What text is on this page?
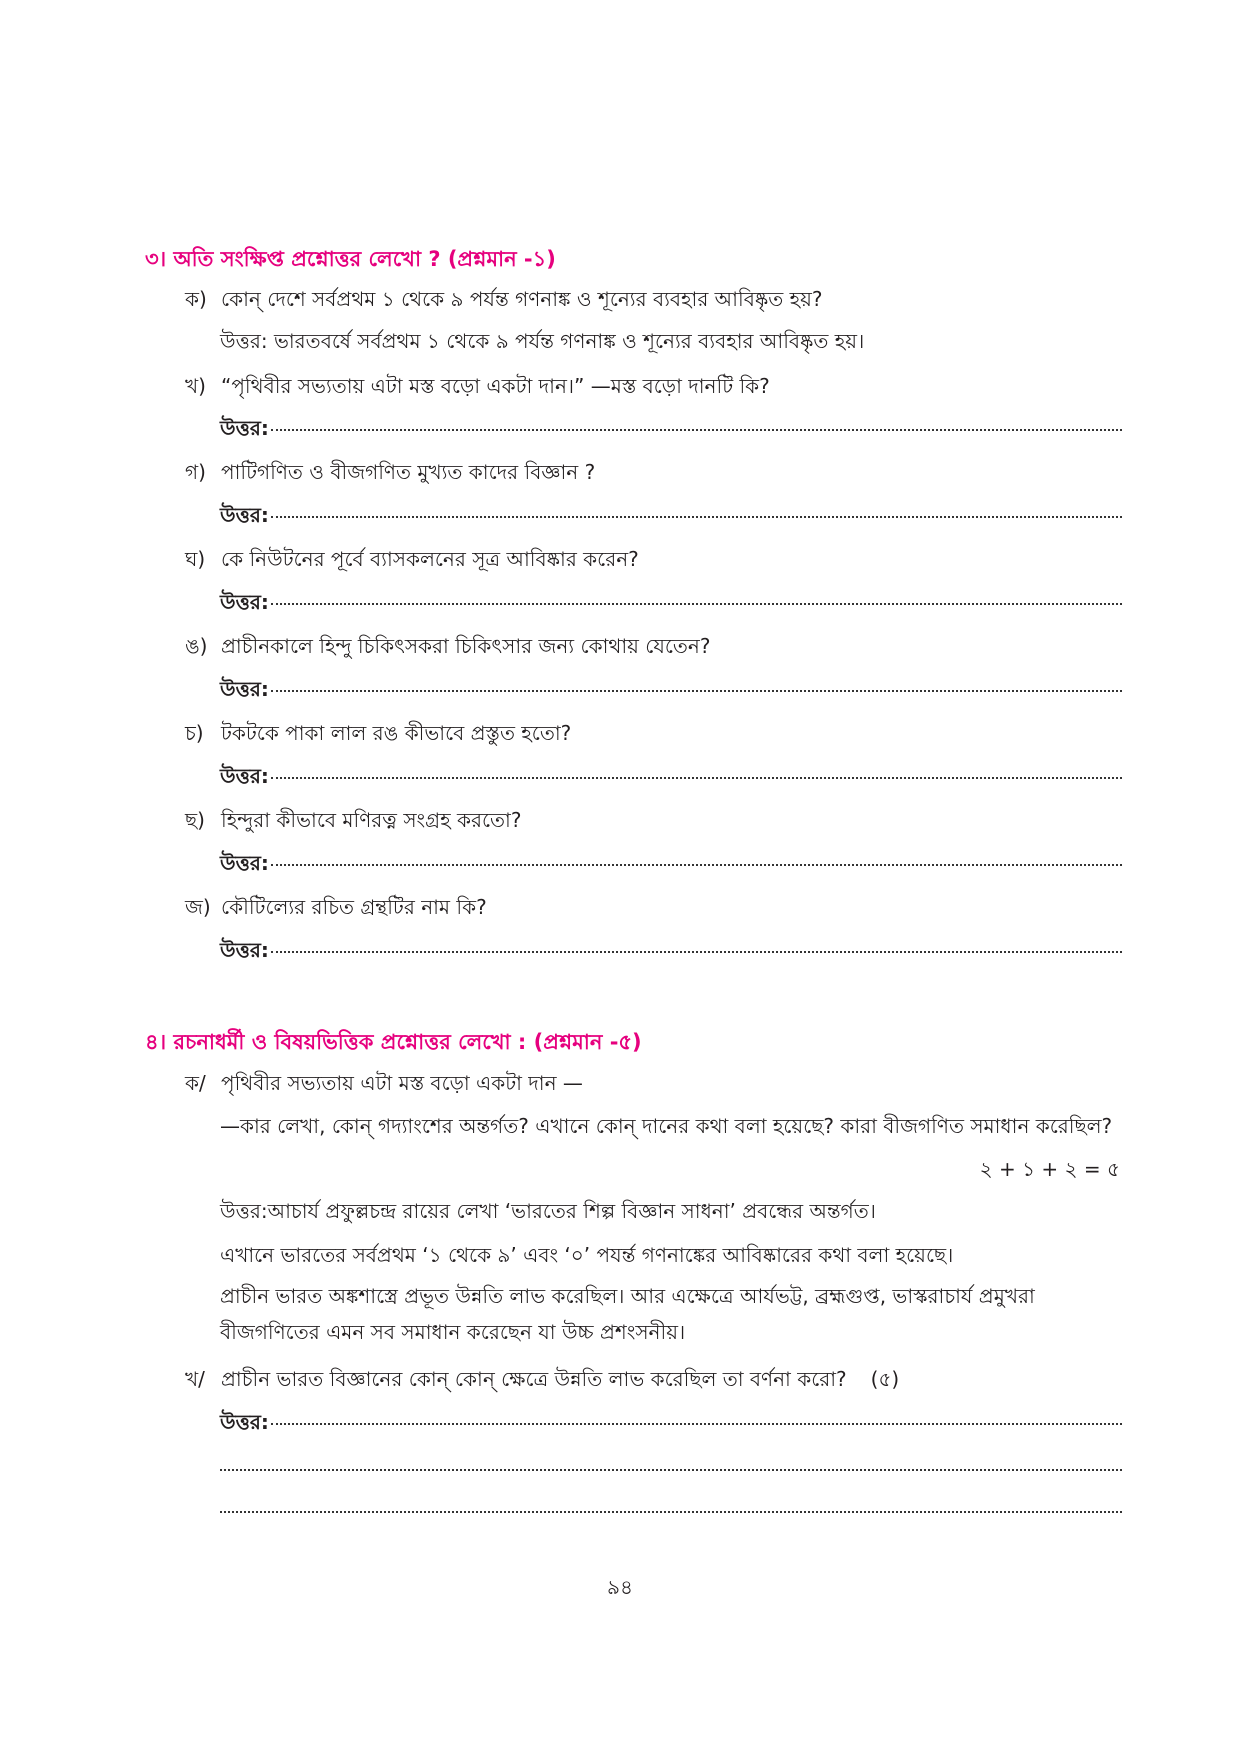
৩। অতি সংক্ষিপ্ত প্রশ্নোত্তর লেখো ? (প্রশ্নমান -১)
ক) কোন্ দেশে সর্বপ্রথম ১ থেকে ৯ পর্যন্ত গণনাঙ্ক ও শূন্যের ব্যবহার আবিষ্কৃত হয়?
উত্তর: ভারতবর্ষে সর্বপ্রথম ১ থেকে ৯ পর্যন্ত গণনাঙ্ক ও শূন্যের ব্যবহার আবিষ্কৃত হয়।
খ) “পৃথিবীর সভ্যতায় এটা মস্ত বড়ো একটা দান।” —মস্ত বড়ো দানটি কি?
উত্তর:
গ) পাটিগণিত ও বীজগণিত মুখ্যত কাদের বিজ্ঞান ?
উত্তর:
ঘ) কে নিউটনের পূর্বে ব্যাসকলনের সূত্র আবিষ্কার করেন?
উত্তর:
ঙ) প্রাচীনকালে হিন্দু চিকিৎসকরা চিকিৎসার জন্য কোথায় যেতেন?
উত্তর:
চ) টকটকে পাকা লাল রঙ কীভাবে প্রস্তুত হতো?
উত্তর:
ছ) হিন্দুরা কীভাবে মণিরত্ন সংগ্রহ করতো?
উত্তর:
জ) কৌটিল্যের রচিত গ্রন্থটির নাম কি?
উত্তর:
৪। রচনাধর্মী ও বিষয়ভিত্তিক প্রশ্নোত্তর লেখো : (প্রশ্নমান -৫)
ক/ পৃথিবীর সভ্যতায় এটা মস্ত বড়ো একটা দান —
—কার লেখা, কোন্ গদ্যাংশের অন্তর্গত? এখানে কোন্ দানের কথা বলা হয়েছে? কারা বীজগণিত সমাধান করেছিল?
২ + ১ + ২ = ৫
উত্তর:আচার্য প্রফুল্লচন্দ্র রায়ের লেখা ‘ভারতের শিল্প বিজ্ঞান সাধনা’ প্রবন্ধের অন্তর্গত।
এখানে ভারতের সর্বপ্রথম ‘১ থেকে ৯’ এবং ‘০’ পযর্ন্ত গণনাঙ্কের আবিষ্কারের কথা বলা হয়েছে।
প্রাচীন ভারত অঙ্কশাস্ত্রে প্রভূত উন্নতি লাভ করেছিল। আর এক্ষেত্রে আর্যভট্ট, ব্রহ্মগুপ্ত, ভাস্করাচার্য প্রমুখরা বীজগণিতের এমন সব সমাধান করেছেন যা উচ্চ প্রশংসনীয়।
খ/ প্রাচীন ভারত বিজ্ঞানের কোন্ কোন্ ক্ষেত্রে উন্নতি লাভ করেছিল তা বর্ণনা করো? (৫)
উত্তর:
৯৪
